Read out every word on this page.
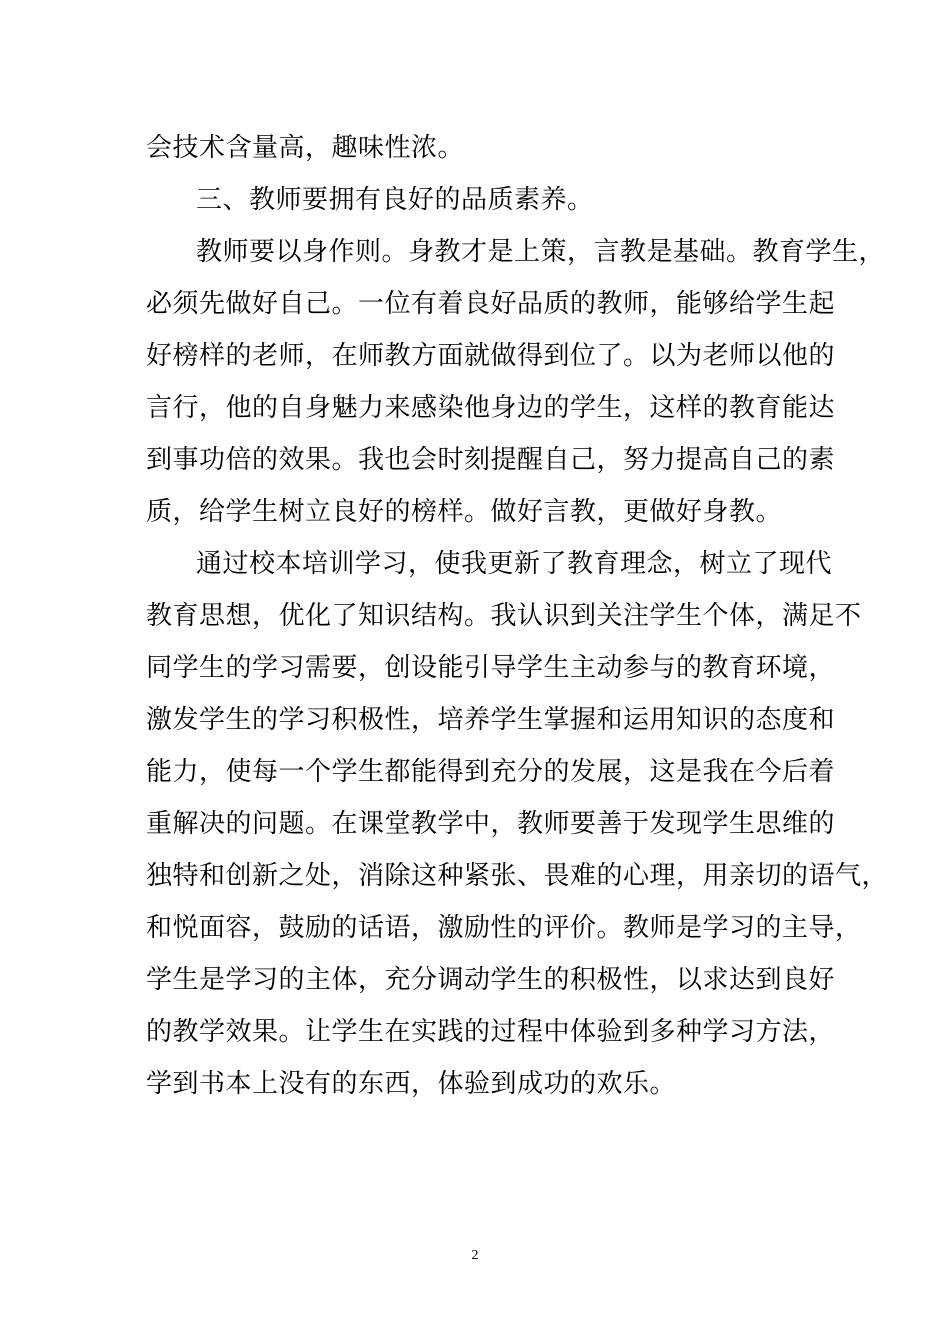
会技术含量高，趣味性浓。
三、教师要拥有良好的品质素养。
教师要以身作则。身教才是上策，言教是基础。教育学生，
必须先做好自己。一位有着良好品质的教师，能够给学生起
好榜样的老师，在师教方面就做得到位了。以为老师以他的
言行，他的自身魅力来感染他身边的学生，这样的教育能达
到事功倍的效果。我也会时刻提醒自己，努力提高自己的素
质，给学生树立良好的榜样。做好言教，更做好身教。
通过校本培训学习，使我更新了教育理念，树立了现代
教育思想，优化了知识结构。我认识到关注学生个体，满足不
同学生的学习需要，创设能引导学生主动参与的教育环境，
激发学生的学习积极性，培养学生掌握和运用知识的态度和
能力，使每一个学生都能得到充分的发展，这是我在今后着
重解决的问题。在课堂教学中，教师要善于发现学生思维的
独特和创新之处，消除这种紧张、畏难的心理，用亲切的语气，
和悦面容，鼓励的话语，激励性的评价。教师是学习的主导，
学生是学习的主体，充分调动学生的积极性，以求达到良好
的教学效果。让学生在实践的过程中体验到多种学习方法，
学到书本上没有的东西，体验到成功的欢乐。
2
